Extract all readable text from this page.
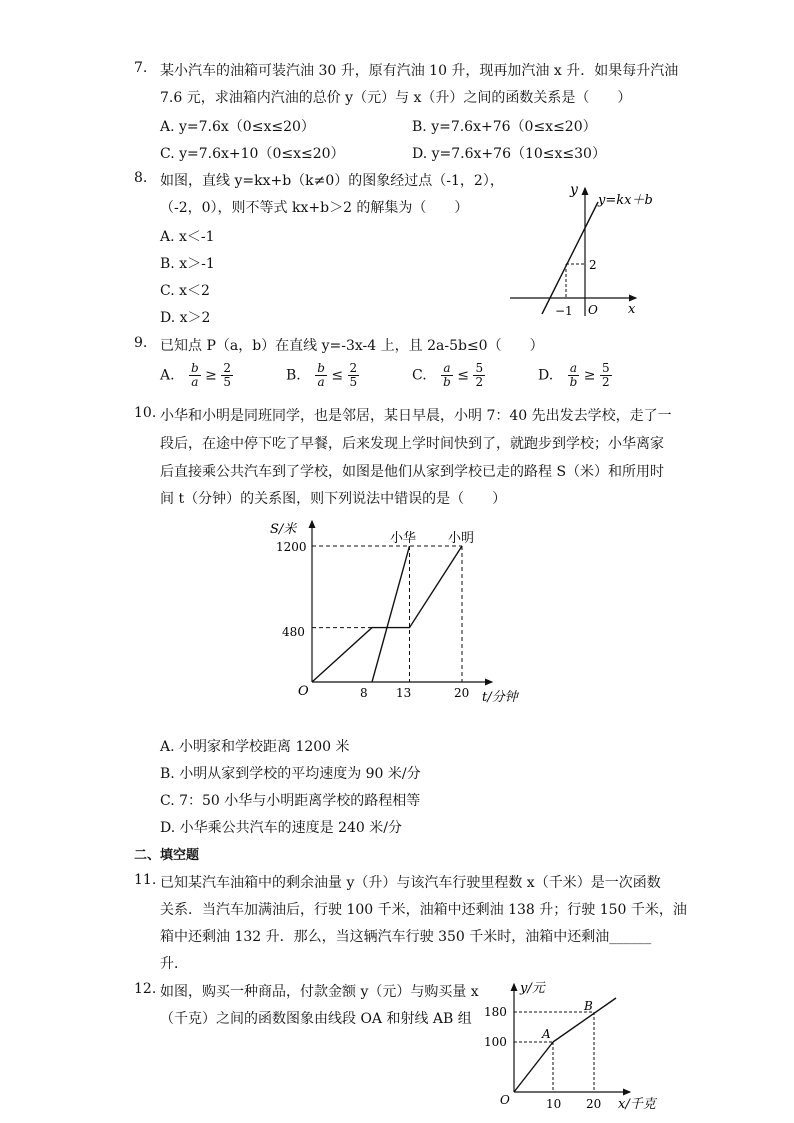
7. 某小汽车的油箱可装汽油 30 升，原有汽油 10 升，现再加汽油 x 升．如果每升汽油
7.6 元，求油箱内汽油的总价 y（元）与 x（升）之间的函数关系是（　　）
A. y=7.6x（0≤x≤20）	B. y=7.6x+76（0≤x≤20）
C. y=7.6x+10（0≤x≤20）	D. y=7.6x+76（10≤x≤30）
8. 如图，直线 y=kx+b（k≠0）的图象经过点（-1，2），
（-2，0），则不等式 kx+b＞2 的解集为（　　）
A. x＜-1
B. x＞-1
C. x＜2
D. x＞2
y
y=kx＋b
2
−1 O x
9. 已知点 P（a，b）在直线 y=-3x-4 上，且 2a-5b≤0（　　）
A. $\frac{b}{a} \ge \frac{2}{5}$	B. $\frac{b}{a} \le \frac{2}{5}$	C. $\frac{a}{b} \le \frac{5}{2}$	D. $\frac{a}{b} \ge \frac{5}{2}$
10. 小华和小明是同班同学，也是邻居，某日早晨，小明 7：40 先出发去学校，走了一
段后，在途中停下吃了早餐，后来发现上学时间快到了，就跑步到学校；小华离家
后直接乘公共汽车到了学校，如图是他们从家到学校已走的路程 S（米）和所用时
间 t（分钟）的关系图，则下列说法中错误的是（　　）
S/米
t/分钟
O
1200
480
8 13	20
小华 小明
A. 小明家和学校距离 1200 米
B. 小明从家到学校的平均速度为 90 米/分
C. 7：50 小华与小明距离学校的路程相等
D. 小华乘公共汽车的速度是 240 米/分
二、填空题
11. 已知某汽车油箱中的剩余油量 y（升）与该汽车行驶里程数 x（千米）是一次函数
关系．当汽车加满油后，行驶 100 千米，油箱中还剩油 138 升；行驶 150 千米，油
箱中还剩油 132 升．那么，当这辆汽车行驶 350 千米时，油箱中还剩油______
升．
12. 如图，购买一种商品，付款金额 y（元）与购买量 x
（千克）之间的函数图象由线段 OA 和射线 AB 组
y/元
180
100
A
B
O	10 20 x/千克
